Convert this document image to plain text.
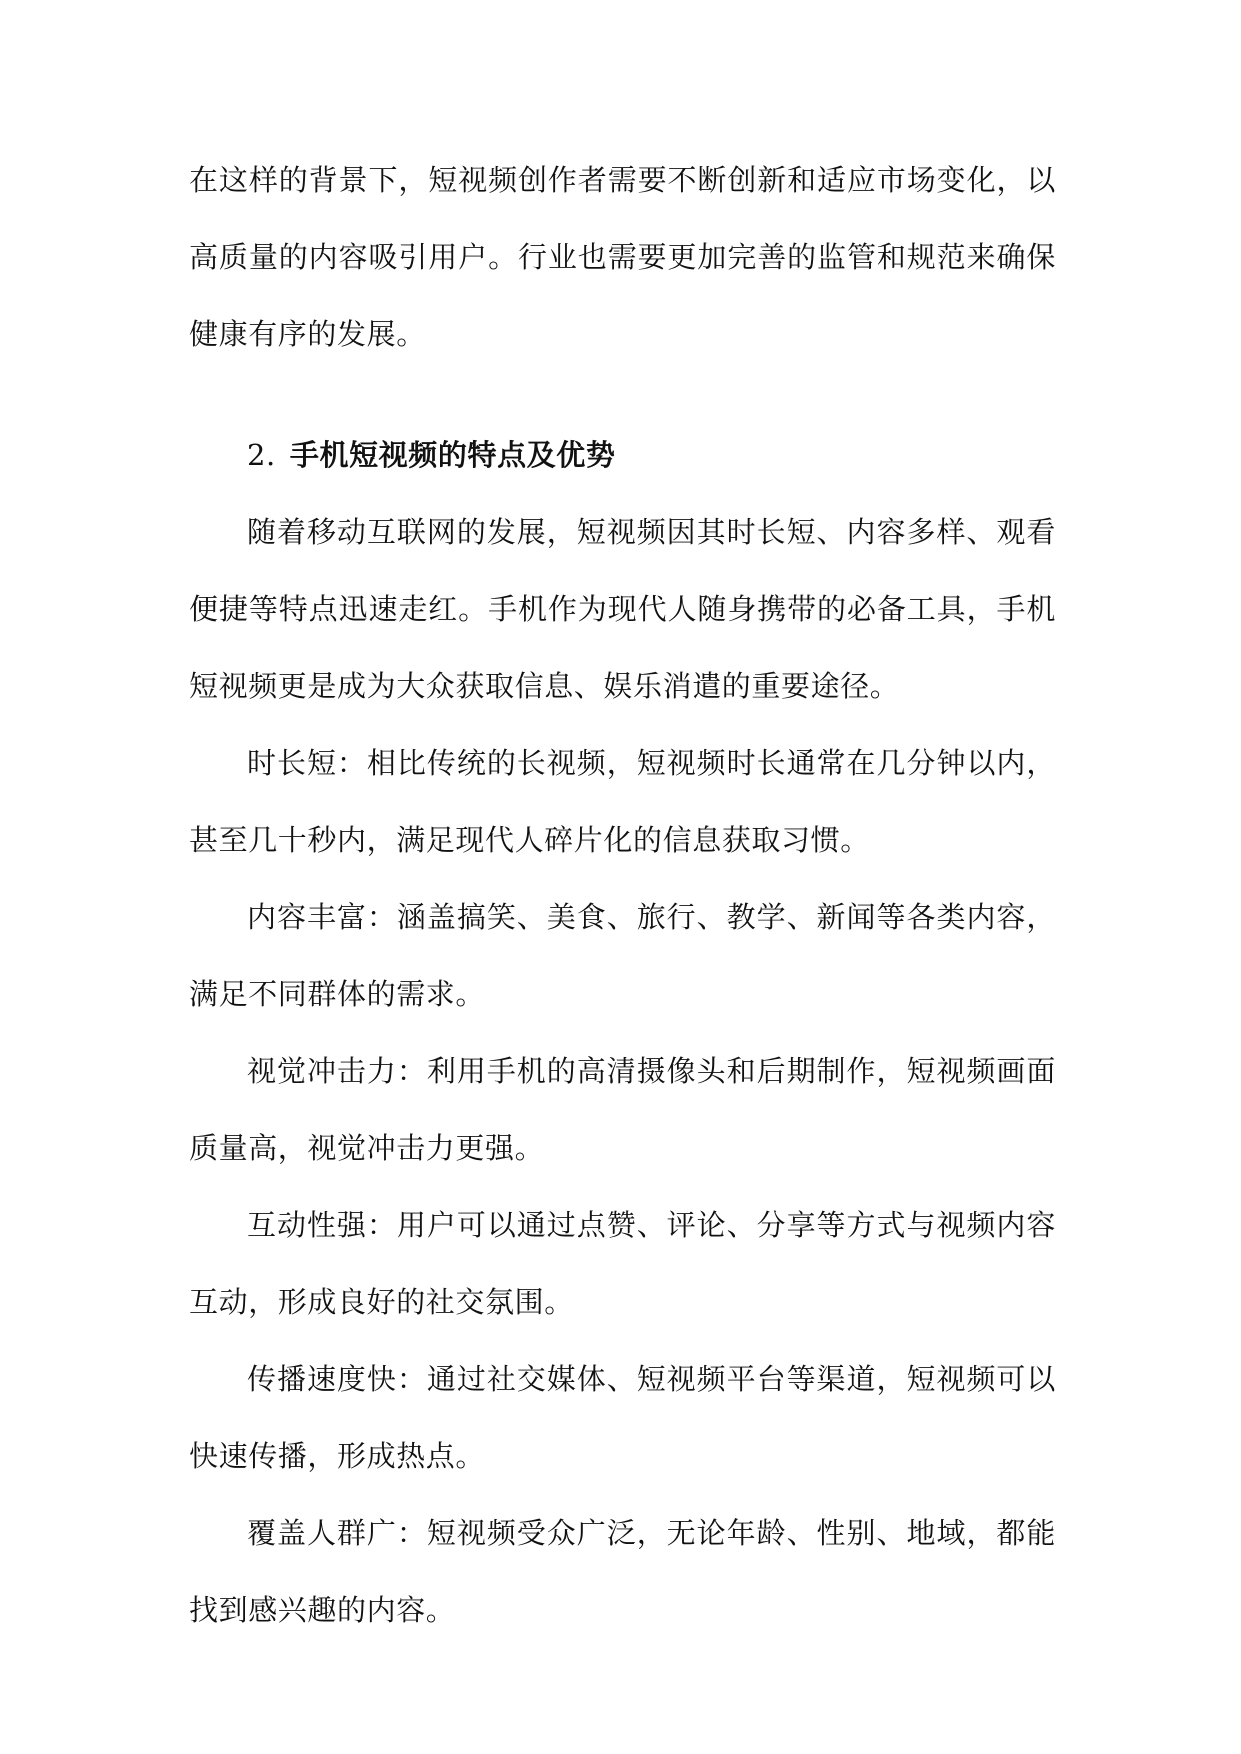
在这样的背景下，短视频创作者需要不断创新和适应市场变化，以高质量的内容吸引用户。行业也需要更加完善的监管和规范来确保健康有序的发展。

2. 手机短视频的特点及优势

随着移动互联网的发展，短视频因其时长短、内容多样、观看便捷等特点迅速走红。手机作为现代人随身携带的必备工具，手机短视频更是成为大众获取信息、娱乐消遣的重要途径。

时长短：相比传统的长视频，短视频时长通常在几分钟以内，甚至几十秒内，满足现代人碎片化的信息获取习惯。

内容丰富：涵盖搞笑、美食、旅行、教学、新闻等各类内容，满足不同群体的需求。

视觉冲击力：利用手机的高清摄像头和后期制作，短视频画面质量高，视觉冲击力更强。

互动性强：用户可以通过点赞、评论、分享等方式与视频内容互动，形成良好的社交氛围。

传播速度快：通过社交媒体、短视频平台等渠道，短视频可以快速传播，形成热点。

覆盖人群广：短视频受众广泛，无论年龄、性别、地域，都能找到感兴趣的内容。
